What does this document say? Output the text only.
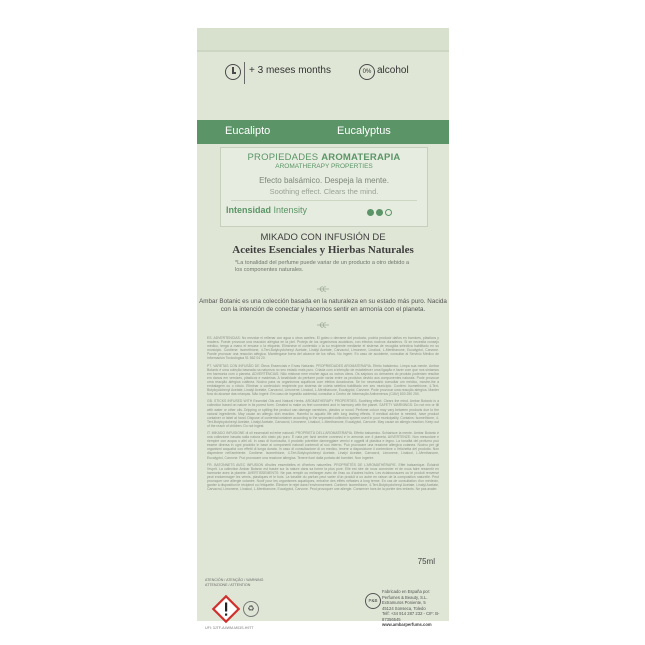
+ 3 meses months	0% alcohol
Eucalipto	Eucalyptus
PROPIEDADES AROMATERAPIA
AROMATHERAPY PROPERTIES
Efecto balsámico. Despeja la mente.
Soothing effect. Clears the mind.
Intensidad Intensity
MIKADO CON INFUSIÓN DE
Aceites Esenciales y Hierbas Naturales
*La tonalidad del perfume puede variar de un producto a otro debido a los componentes naturales.
Ambar Botanic es una colección basada en la naturaleza en su estado más puro. Nacida con la intención de conectar y hacernos sentir en armonía con el planeta.

ES. ADVERTENCIAS: No mezclar ni rellenar con agua u otros aceites. El goteo o derrame del producto, podría producir daños en barnices, plásticos y madera. Puede provocar una reacción alérgica en la piel. Proteja de los organismos acuáticos, con efectos nocivos duraderos. Si se necesita consejo médico, tenga a mano el envase o la etiqueta. Elimínese el contenido o la su recipiente mediante el sistema de recogida selectiva habilitado en su municipio. Contiene: Isomethione, 4-Tert-Butylcyclohexyl Acetate, Linalyl Acetate, Carvacrol, Limonene, Linalool, L-Menthanone, Eucalyptol, Carvone. Puede provocar una reacción alérgica. Manténgase fuera del alcance de los niños. No ingerir. En caso de accidente, consultar al Servicio Médico de Información Toxicológica 91 562 04 20.

PT. VARETAS CON INFUSÃO DE Óleos Essenciais e Ervas Naturais. PROPRIEDADES AROMATERAPIA. Efeito balsâmico. Limpa sua mente. Ambar Botanic é uma coleção baseada na natureza no seu estado mais puro. Criada com a intenção de estabelecer uma ligação e fazer com que nos sintamos em harmonia com o planeta. ADVERTÊNCIAS: Não misturar nem encher água ou outros óleos. Os salpicos ou derrames do produto poderiam resultar em danos em vernizes, plásticos e madeiras. A tonalidade do perfume pode variar entre os produtos devido aos componentes naturais. Pode provocar uma reacção alérgica cutânea. Nocivo para os organismos aquáticos com efeitos duradouros. Se for necessário consultar um médico, mostre-lhe a embalagem ou o rótulo. Eliminar o conteúdo/o recipiente por sistema de coleta seletiva habilitado em seu município. Contém: Isomethione, 4-Tert-Butylcyclohexyl Acetate, Linalyl Acetate, Carvacrol, Limonene, Linalool, L-Menthanone, Eucalyptol, Carvone. Pode provocar uma reacção alérgica. Manter fora do alcance das crianças. Não ingerir. Em caso de ingestão acidental, consultar o Centro de Informação Antivenenos (CIAV) 800 250 250.

GB. STICKS INFUSED WITH Essential Oils and Natural Herbs. AROMATHERAPY PROPERTIES. Soothing effect. Clears the mind. Ambar Botanic is a collection based on nature in its purest form. Created to make us feel connected and in harmony with the planet. SAFETY WARNINGS: Do not mix or fill with water or other oils. Dripping or spilling the product can damage varnishes, plastics or wood. Perfume colour may vary between products due to the natural ingredients. May cause an allergic skin reaction. Harmful to aquatic life with long lasting effects. If medical advice is needed, have product container or label at hand. Dispose of contents/container according to the separated collection system used in your municipality. Contains: Isomethione, 4-Tert-Butylcyclohexyl Acetate, Linalyl Acetate, Carvacrol, Limonene, Linalool, L-Menthanone, Eucalyptol, Carvone. May cause an allergic reaction. Keep out of the reach of children. Do not ingest.

IT. MIKADO INFUSIONE di oli essenziali ed erbe naturali. PROPRIETÀ DELL'AROMATERAPIA. Effetto balsamico. Schiarisce la mente. Ambar Botanic è una collezione basata sulla natura allo stato più puro. È nata per farci sentire connessi e in armonia con il pianeta. AVVERTENZE: Non mescolare e riempire con acqua o altri oli. In caso di fuoriuscita, il prodotto potrebbe danneggiare vernici e oggetti di plastica e legno. La tonalità del profumo può essere diversa in ogni prodotto in base ai componenti naturali contenuti al suo interno. Può provocare una reazione allergica cutanea. Nocivo per gli organismi acquatici con effetti di lunga durata. In caso di consultazione di un medico, tenere a disposizione il contenitore o l'etichetta del prodotto. Non disperdere nell'ambiente. Contiene: Isomethione, 4-Tert-Butylcyclohexyl Acetate, Linalyl Acetate, Carvacrol, Limonene, Linalool, L-Menthanone, Eucalyptol, Carvone. Può provocare una reazione allergica. Tenere fuori dalla portata dei bambini. Non ingerire.

FR. BATONNETS AVEC INFUSION d'huiles essentielles et d'herbes naturelles. PROPRIÉTÉS DE L'AROMATHÉRAPIE. Effet balsamique. Éclaircit l'esprit. La collection Ambar Botanic est basée sur la nature dans sa forme la plus pure. Elle est née de nous connecter et de nous faire ressentir en harmonie avec la planète. AVERTISSEMENTS: Ne pas remplir ou mélanger avec de l'eau ou d'autres huiles. Les éclaboussures ou le produit renversé peut endommager les vernis, plastiques et le bois. La tonalité du parfum peut varier d'un produit à un autre en raison de la composition naturelle. Peut provoquer une allergie cutanée. Nocif pour les organismes aquatiques, entraîne des effets néfastes à long terme. En cas de consultation d'un médecin, garder à disposition le récipient ou l'étiquette. Éliminer le rejet dans l'environnement. Contient: Isomethione, 4-Tert-Butylcyclohexyl Acetate, Linalyl Acetate, Carvacrol, Limonene, Linalool, L-Menthanone, Eucalyptol, Carvone. Peut provoquer une allergie. Conserver hors de la portée des enfants. Ne pas avaler.

75ml
ATENCIÓN / ATENÇÃO / WARNING ATTENZIONE / ATTENTION
♻
UFI: 3JTF-A4WM-M03S-H9TT
P&B
Fabricado en España por:
Perfumes & Beauty, S.L.
Extramuros Poniente, 5
45124 Sonseca, Toledo
Telf: +34 914 287 232 - CIF: B-87356545
www.ambarperfums.com
